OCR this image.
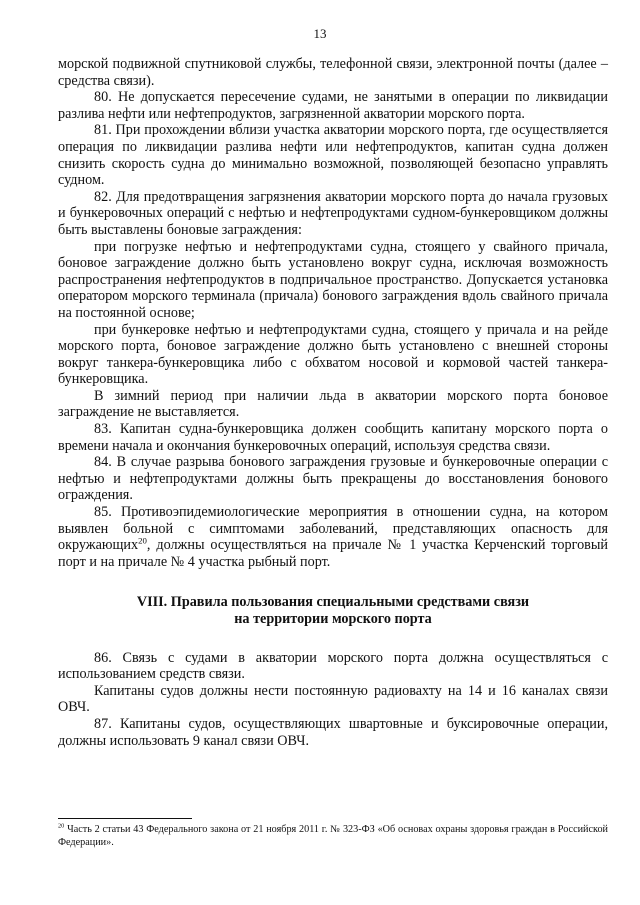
13

морской подвижной спутниковой службы, телефонной связи, электронной почты (далее – средства связи).

80. Не допускается пересечение судами, не занятыми в операции по ликвидации разлива нефти или нефтепродуктов, загрязненной акватории морского порта.

81. При прохождении вблизи участка акватории морского порта, где осуществляется операция по ликвидации разлива нефти или нефтепродуктов, капитан судна должен снизить скорость судна до минимально возможной, позволяющей безопасно управлять судном.

82. Для предотвращения загрязнения акватории морского порта до начала грузовых и бункеровочных операций с нефтью и нефтепродуктами судном-бункеровщиком должны быть выставлены боновые заграждения:

при погрузке нефтью и нефтепродуктами судна, стоящего у свайного причала, боновое заграждение должно быть установлено вокруг судна, исключая возможность распространения нефтепродуктов в подпричальное пространство. Допускается установка оператором морского терминала (причала) бонового заграждения вдоль свайного причала на постоянной основе;

при бункеровке нефтью и нефтепродуктами судна, стоящего у причала и на рейде морского порта, боновое заграждение должно быть установлено с внешней стороны вокруг танкера-бункеровщика либо с обхватом носовой и кормовой частей танкера-бункеровщика.

В зимний период при наличии льда в акватории морского порта боновое заграждение не выставляется.

83. Капитан судна-бункеровщика должен сообщить капитану морского порта о времени начала и окончания бункеровочных операций, используя средства связи.

84. В случае разрыва бонового заграждения грузовые и бункеровочные операции с нефтью и нефтепродуктами должны быть прекращены до восстановления бонового ограждения.

85. Противоэпидемиологические мероприятия в отношении судна, на котором выявлен больной с симптомами заболеваний, представляющих опасность для окружающих$^{20}$, должны осуществляться на причале № 1 участка Керченский торговый порт и на причале № 4 участка рыбный порт.

VIII. Правила пользования специальными средствами связи
на территории морского порта

86. Связь с судами в акватории морского порта должна осуществляться с использованием средств связи.

Капитаны судов должны нести постоянную радиовахту на 14 и 16 каналах связи ОВЧ.

87. Капитаны судов, осуществляющих швартовные и буксировочные операции, должны использовать 9 канал связи ОВЧ.

$^{20}$ Часть 2 статьи 43 Федерального закона от 21 ноября 2011 г. № 323-ФЗ «Об основах охраны здоровья граждан в Российской Федерации».
